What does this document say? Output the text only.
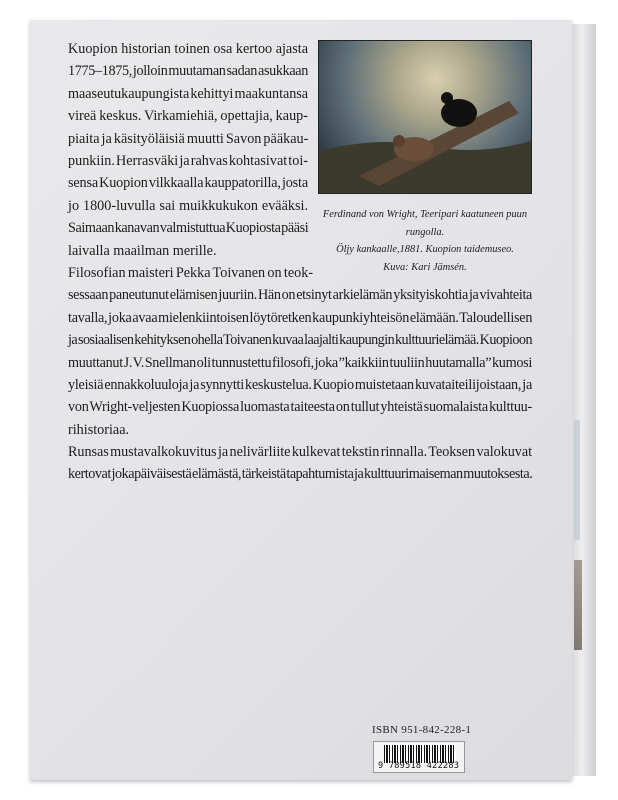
Kuopion historian toinen osa kertoo ajasta
1775–1875, jolloin muutaman sadan asukkaan
maaseutukaupungista kehittyi maakuntansa
vireä keskus. Virkamiehiä, opettajia, kaup-
piaita ja käsityöläisiä muutti Savon pääkau-
punkiin. Herrasväki ja rahvas kohtasivat toi-
sensa Kuopion vilkkaalla kauppatorilla, josta
jo 1800-luvulla sai muikkukukon evääksi.
Saimaan kanavan valmistuttua Kuopiosta pääsi
laivalla maailman merille.
Ferdinand von Wright, Teeripari kaatuneen puun rungolla.
Öljy kankaalle,1881. Kuopion taidemuseo.
Kuva: Kari Jämsén.
Filosofian maisteri Pekka Toivanen on teok-
sessaan paneutunut elämisen juuriin. Hän on etsinyt arkielämän yksityiskohtia ja vivahteita
tavalla, joka avaa mielenkiintoisen löytöretken kaupunkiyhteisön elämään. Taloudellisen
ja sosiaalisen kehityksen ohella Toivanen kuvaa laajalti kaupungin kulttuurielämää. Kuopioon
muuttanut J. V. Snellman oli tunnustettu filosofi, joka ”kaikkiin tuuliin huutamalla” kumosi
yleisiä ennakkoluuloja ja synnytti keskustelua. Kuopio muistetaan kuvataiteilijoistaan, ja
von Wright-veljesten Kuopiossa luomasta taiteesta on tullut yhteistä suomalaista kulttuu-
rihistoriaa.
Runsas mustavalkokuvitus ja nelivärliite kulkevat tekstin rinnalla. Teoksen valokuvat
kertovat jokapäiväisestä elämästä, tärkeistä tapahtumista ja kulttuurimaiseman muutoksesta.
ISBN 951-842-228-1
9 789518 422283
